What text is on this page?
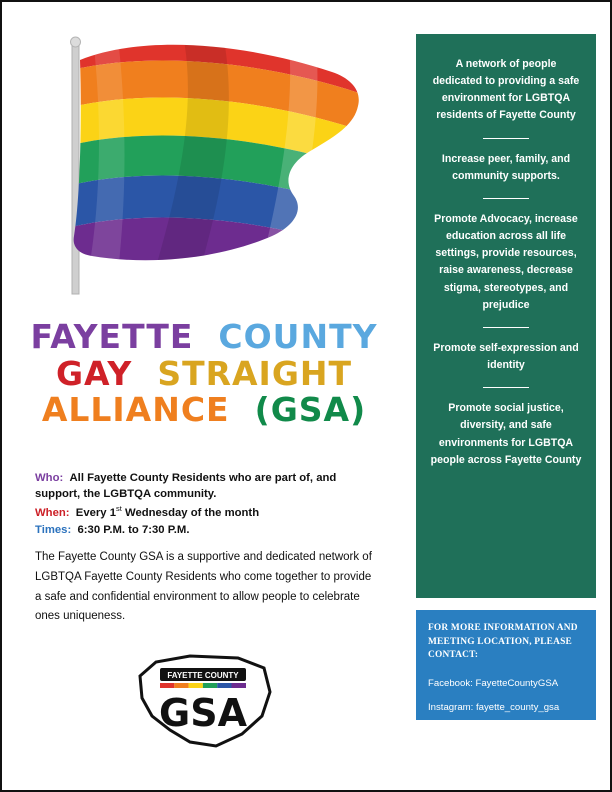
FAYETTE COUNTY
GAY STRAIGHT
ALLIANCE (GSA)
Who: All Fayette County Residents who are part of, and support, the LGBTQA community.
When: Every 1st Wednesday of the month
Times: 6:30 P.M. to 7:30 P.M.
The Fayette County GSA is a supportive and dedicated network of LGBTQA Fayette County Residents who come together to provide a safe and confidential environment to allow people to celebrate ones uniqueness.
FAYETTE COUNTY
GSA
A network of people dedicated to providing a safe environment for LGBTQA residents of Fayette County
Increase peer, family, and community supports.
Promote Advocacy, increase education across all life settings, provide resources, raise awareness, decrease stigma, stereotypes, and prejudice
Promote self-expression and identity
Promote social justice, diversity, and safe environments for LGBTQA people across Fayette County
FOR MORE INFORMATION AND MEETING LOCATION, PLEASE CONTACT:
Facebook: FayetteCountyGSA
Instagram: fayette_county_gsa
